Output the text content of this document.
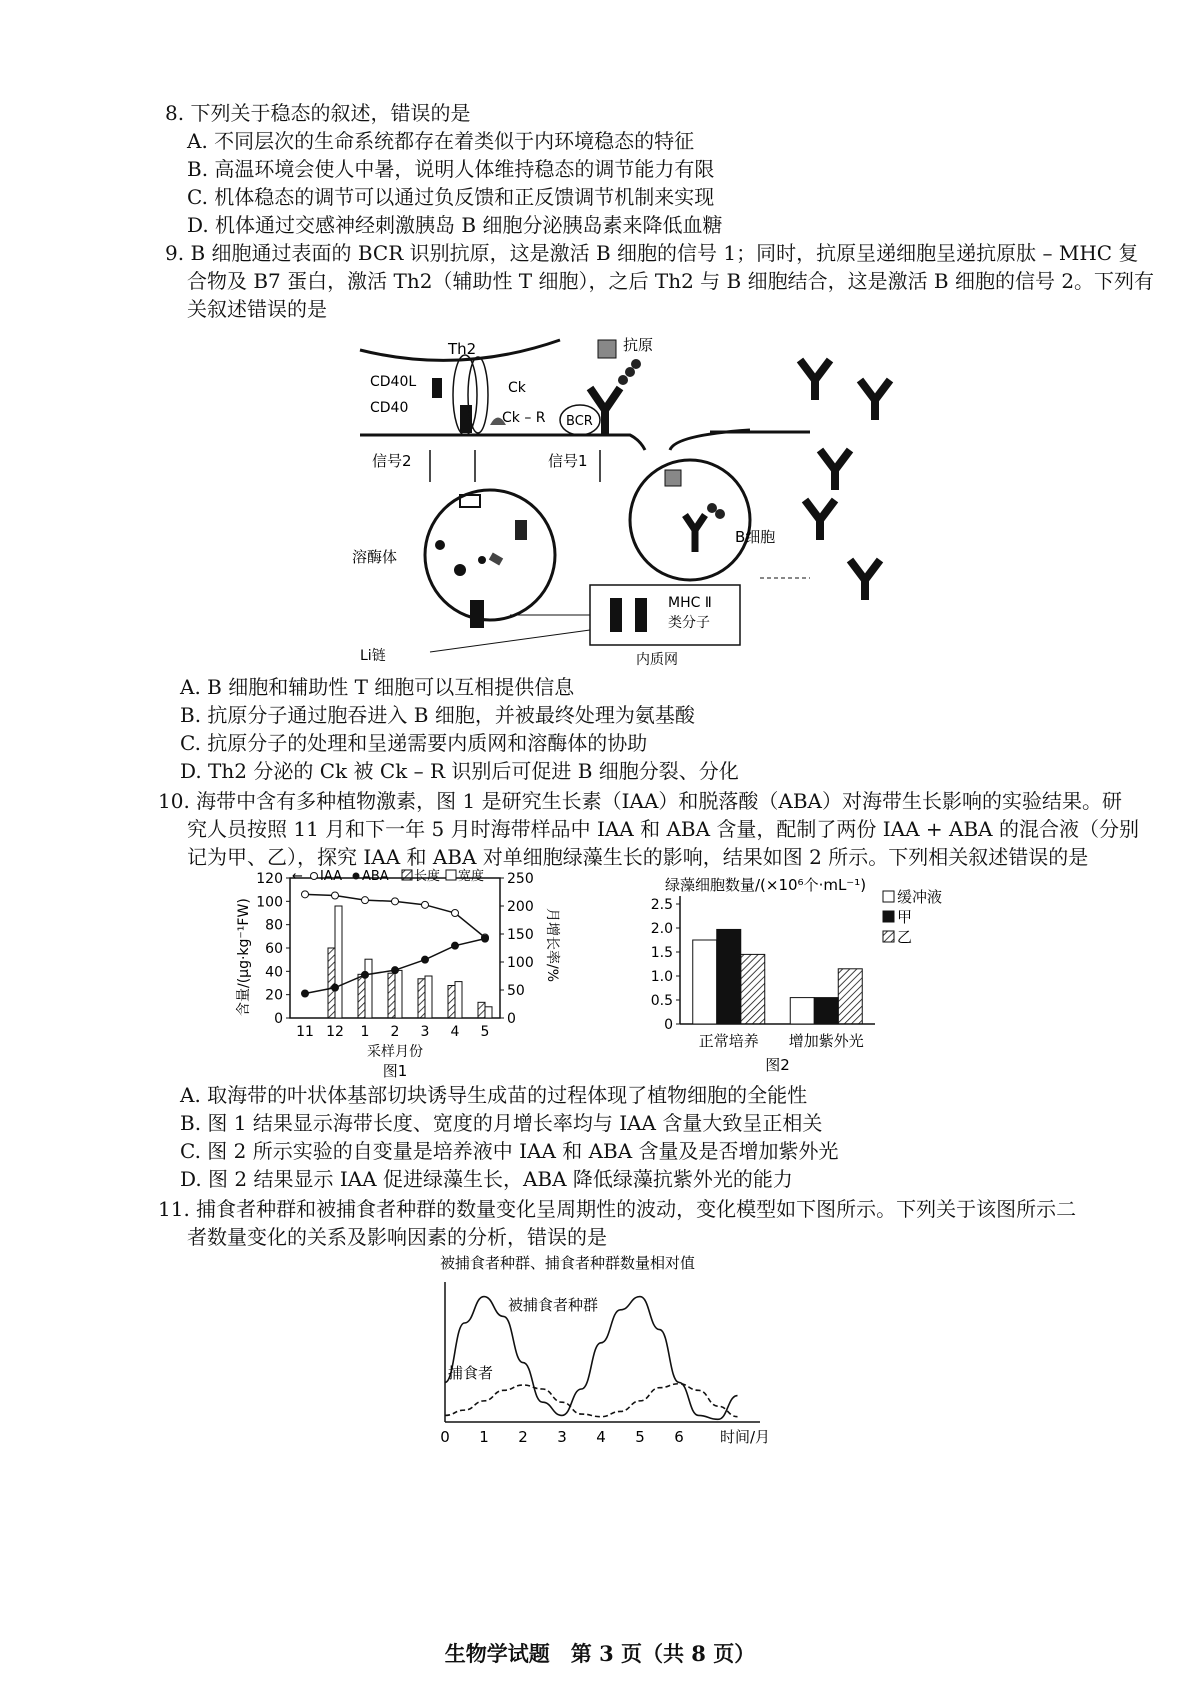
8. 下列关于稳态的叙述，错误的是
A. 不同层次的生命系统都存在着类似于内环境稳态的特征
B. 高温环境会使人中暑，说明人体维持稳态的调节能力有限
C. 机体稳态的调节可以通过负反馈和正反馈调节机制来实现
D. 机体通过交感神经刺激胰岛 B 细胞分泌胰岛素来降低血糖
9. B 细胞通过表面的 BCR 识别抗原，这是激活 B 细胞的信号 1；同时，抗原呈递细胞呈递抗原肽 – MHC 复
合物及 B7 蛋白，激活 Th2（辅助性 T 细胞），之后 Th2 与 B 细胞结合，这是激活 B 细胞的信号 2。下列有
关叙述错误的是
Th2
CD40L
CD40
Ck
Ck – R
抗原
BCR
信号2	信号1
溶酶体
B细胞
MHC Ⅱ
类分子
内质网
Li链
A. B 细胞和辅助性 T 细胞可以互相提供信息
B. 抗原分子通过胞吞进入 B 细胞，并被最终处理为氨基酸
C. 抗原分子的处理和呈递需要内质网和溶酶体的协助
D. Th2 分泌的 Ck 被 Ck – R 识别后可促进 B 细胞分裂、分化
10. 海带中含有多种植物激素，图 1 是研究生长素（IAA）和脱落酸（ABA）对海带生长影响的实验结果。研
究人员按照 11 月和下一年 5 月时海带样品中 IAA 和 ABA 含量，配制了两份 IAA + ABA 的混合液（分别
记为甲、乙），探究 IAA 和 ABA 对单细胞绿藻生长的影响，结果如图 2 所示。下列相关叙述错误的是
0
20
40
60
80
100
120
0
50
100
150
200
250
11 12 1 2 3 4 5
← IAA ABA 长度 宽度
含量/(μg·kg⁻¹FW)	月增长率/%
采样月份
图1
0
0.5
1.0
1.5
2.0
2.5
正常培养 增加紫外光
缓冲液
甲
乙
绿藻细胞数量/(×10⁶个·mL⁻¹)
图2
A. 取海带的叶状体基部切块诱导生成苗的过程体现了植物细胞的全能性
B. 图 1 结果显示海带长度、宽度的月增长率均与 IAA 含量大致呈正相关
C. 图 2 所示实验的自变量是培养液中 IAA 和 ABA 含量及是否增加紫外光
D. 图 2 结果显示 IAA 促进绿藻生长，ABA 降低绿藻抗紫外光的能力
11. 捕食者种群和被捕食者种群的数量变化呈周期性的波动，变化模型如下图所示。下列关于该图所示二
者数量变化的关系及影响因素的分析，错误的是
被捕食者种群、捕食者种群数量相对值
0 1 2 3 4 5 6 时间/月
被捕食者种群
捕食者
生物学试题　第 3 页（共 8 页）
